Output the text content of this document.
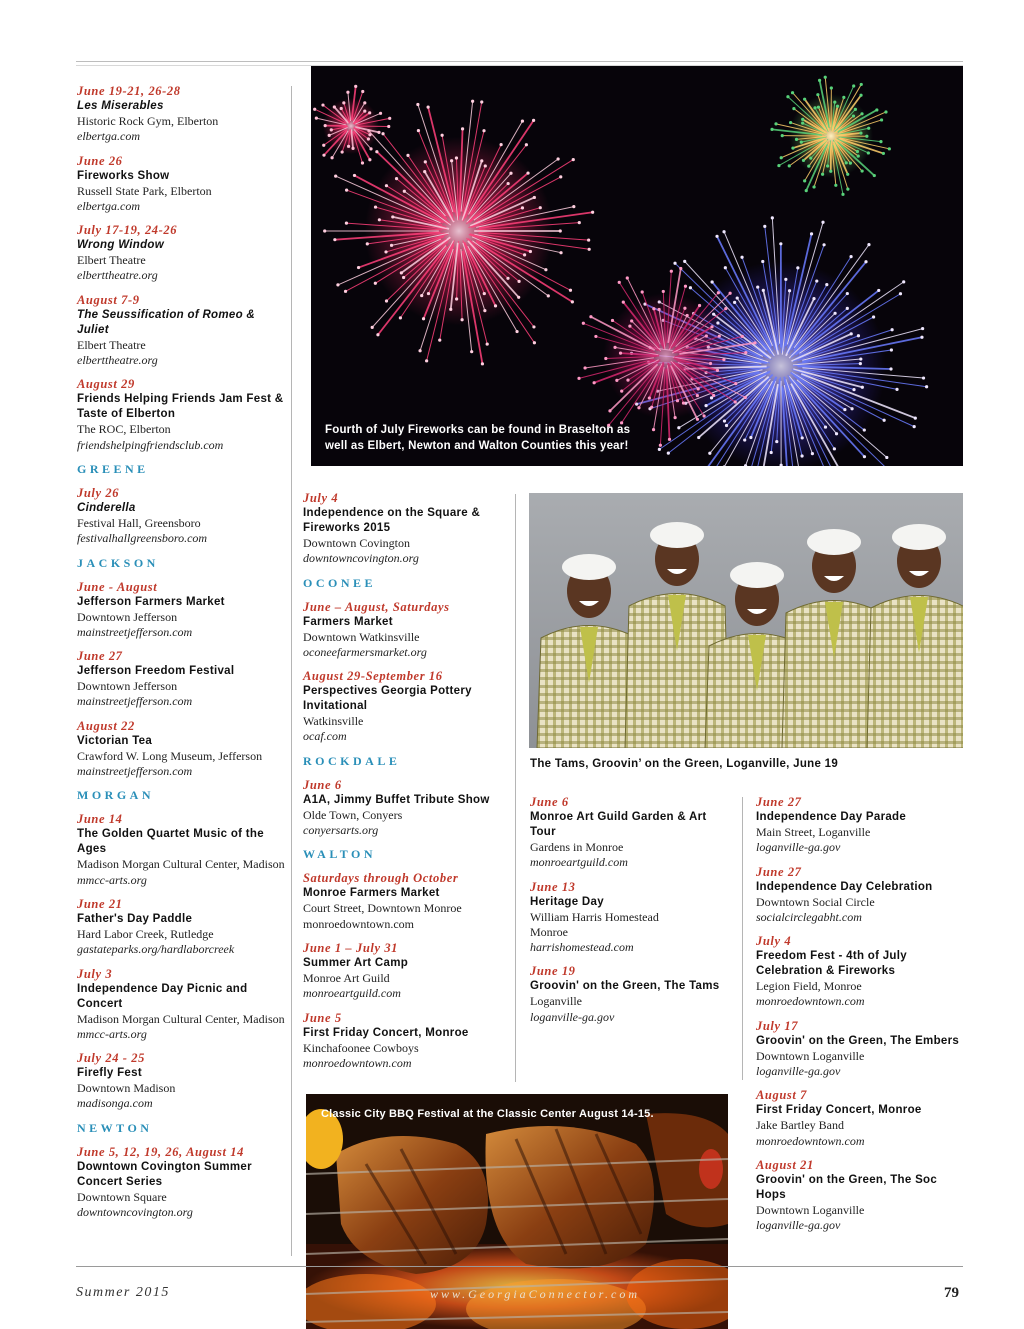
June 19-21, 26-28
Les Miserables
Historic Rock Gym, Elberton
elbertga.com
June 26
Fireworks Show
Russell State Park, Elberton
elbertga.com
July 17-19, 24-26
Wrong Window
Elbert Theatre
elberttheatre.org
August 7-9
The Seussification of Romeo & Juliet
Elbert Theatre
elberttheatre.org
August 29
Friends Helping Friends Jam Fest & Taste of Elberton
The ROC, Elberton
friendshelpingfriendsclub.com
GREENE
July 26
Cinderella
Festival Hall, Greensboro
festivalhallgreensboro.com
JACKSON
June - August
Jefferson Farmers Market
Downtown Jefferson
mainstreetjefferson.com
June 27
Jefferson Freedom Festival
Downtown Jefferson
mainstreetjefferson.com
August 22
Victorian Tea
Crawford W. Long Museum, Jefferson
mainstreetjefferson.com
MORGAN
June 14
The Golden Quartet Music of the Ages
Madison Morgan Cultural Center, Madison
mmcc-arts.org
June 21
Father's Day Paddle
Hard Labor Creek, Rutledge
gastateparks.org/hardlaborcreek
July 3
Independence Day Picnic and Concert
Madison Morgan Cultural Center, Madison
mmcc-arts.org
July 24 - 25
Firefly Fest
Downtown Madison
madisonga.com
NEWTON
June 5, 12, 19, 26, August 14
Downtown Covington Summer Concert Series
Downtown Square
downtowncovington.org
Fourth of July Fireworks can be found in Braselton as well as Elbert, Newton and Walton Counties this year!
July 4
Independence on the Square & Fireworks 2015
Downtown Covington
downtowncovington.org
OCONEE
June – August, Saturdays
Farmers Market
Downtown Watkinsville
oconeefarmersmarket.org
August 29-September 16
Perspectives Georgia Pottery Invitational
Watkinsville
ocaf.com
ROCKDALE
June 6
A1A, Jimmy Buffet Tribute Show
Olde Town, Conyers
conyersarts.org
WALTON
Saturdays through October
Monroe Farmers Market
Court Street, Downtown Monroe
monroedowntown.com
June 1 – July 31
Summer Art Camp
Monroe Art Guild
monroeartguild.com
June 5
First Friday Concert, Monroe
Kinchafoonee Cowboys
monroedowntown.com
The Tams, Groovin’ on the Green, Loganville, June 19
June 6
Monroe Art Guild Garden & Art Tour
Gardens in Monroe
monroeartguild.com
June 13
Heritage Day
William Harris Homestead
Monroe
harrishomestead.com
June 19
Groovin' on the Green, The Tams
Loganville
loganville-ga.gov
June 27
Independence Day Parade
Main Street, Loganville
loganville-ga.gov
June 27
Independence Day Celebration
Downtown Social Circle
socialcirclegabht.com
July 4
Freedom Fest - 4th of July Celebration & Fireworks
Legion Field, Monroe
monroedowntown.com
July 17
Groovin' on the Green, The Embers
Downtown Loganville
loganville-ga.gov
August 7
First Friday Concert, Monroe
Jake Bartley Band
monroedowntown.com
August 21
Groovin' on the Green, The Soc Hops
Downtown Loganville
loganville-ga.gov
Classic City BBQ Festival at the Classic Center August 14-15.
Summer 2015	www.GeorgiaConnector.com	79
